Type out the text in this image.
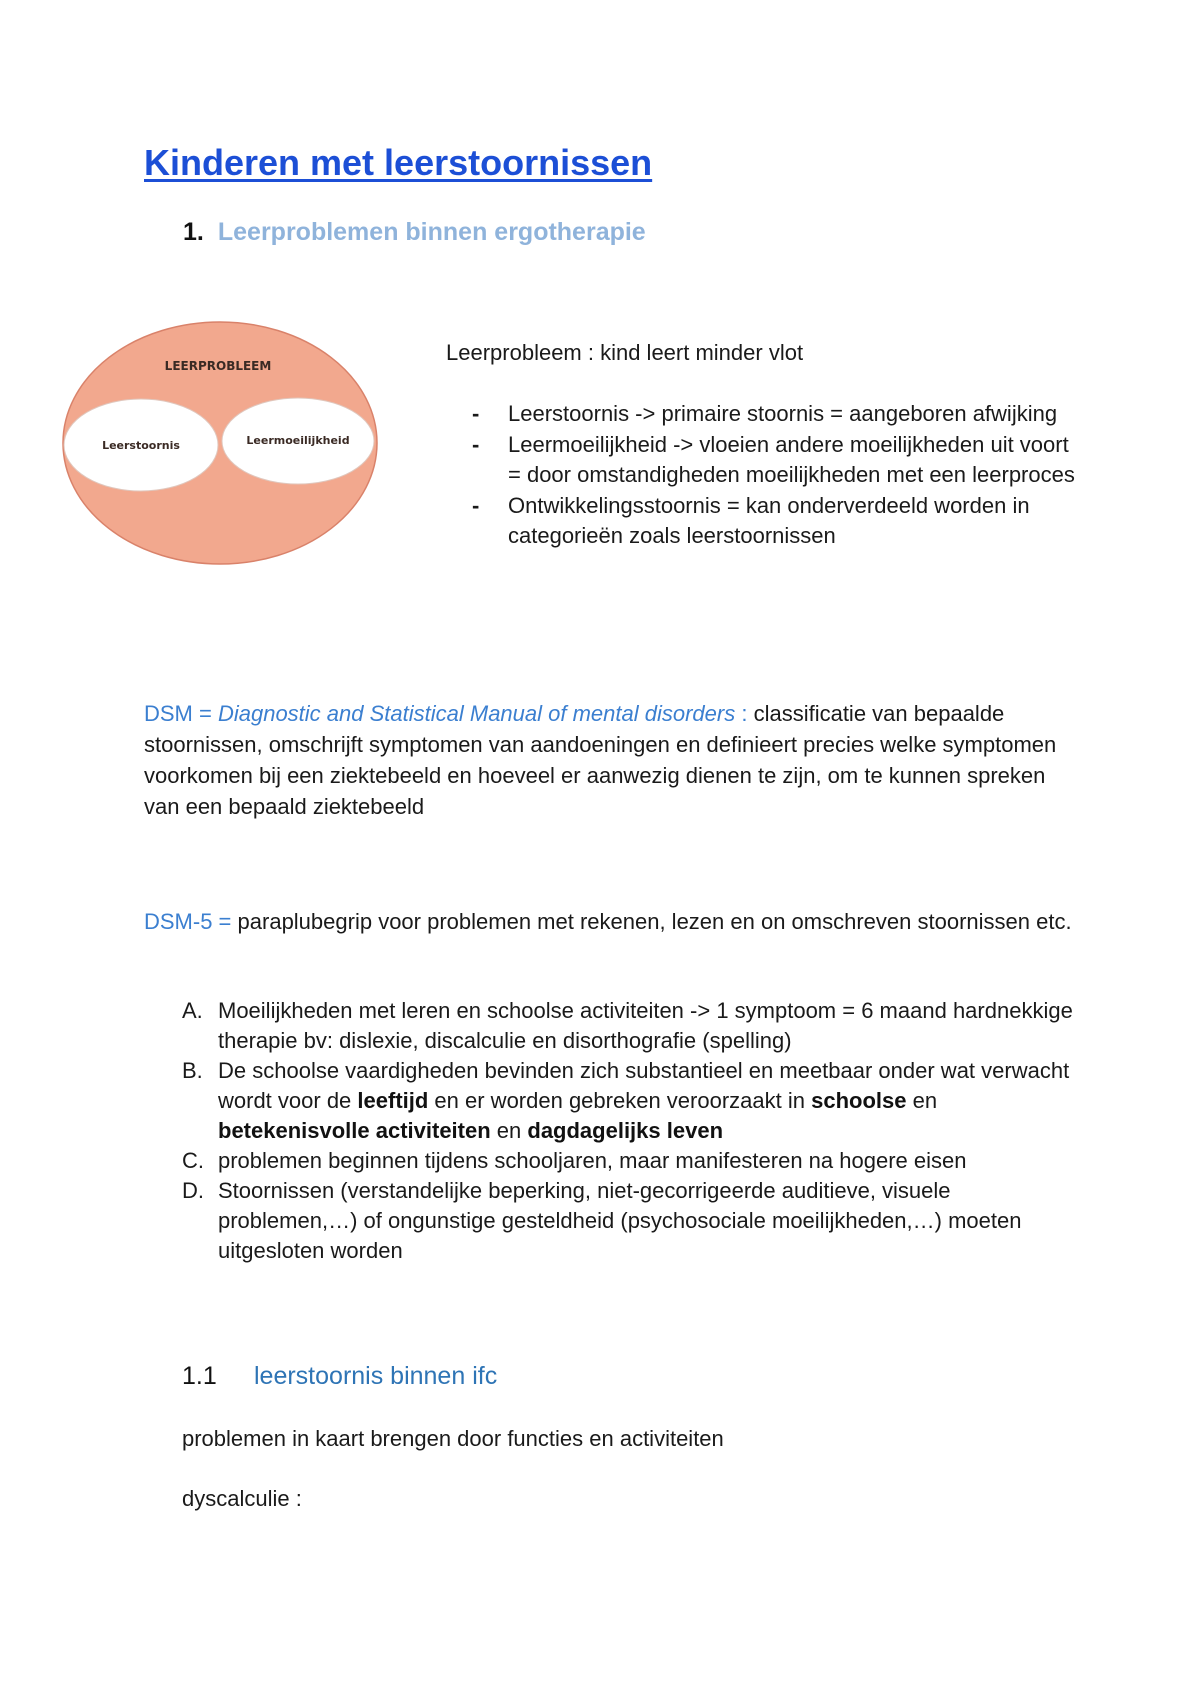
Kinderen met leerstoornissen
1. Leerproblemen binnen ergotherapie
LEERPROBLEEM
Leerstoornis	Leermoeilijkheid
Leerprobleem : kind leert minder vlot
- Leerstoornis -> primaire stoornis = aangeboren afwijking
- Leermoeilijkheid -> vloeien andere moeilijkheden uit voort = door omstandigheden moeilijkheden met een leerproces
- Ontwikkelingsstoornis = kan onderverdeeld worden in categorieën zoals leerstoornissen
DSM = Diagnostic and Statistical Manual of mental disorders : classificatie van bepaalde stoornissen, omschrijft symptomen van aandoeningen en definieert precies welke symptomen voorkomen bij een ziektebeeld en hoeveel er aanwezig dienen te zijn, om te kunnen spreken van een bepaald ziektebeeld
DSM-5 = paraplubegrip voor problemen met rekenen, lezen en on omschreven stoornissen etc.
A. Moeilijkheden met leren en schoolse activiteiten -> 1 symptoom = 6 maand hardnekkige therapie bv: dislexie, discalculie en disorthografie (spelling)
B. De schoolse vaardigheden bevinden zich substantieel en meetbaar onder wat verwacht wordt voor de leeftijd en er worden gebreken veroorzaakt in schoolse en betekenisvolle activiteiten en dagdagelijks leven
C. problemen beginnen tijdens schooljaren, maar manifesteren na hogere eisen
D. Stoornissen (verstandelijke beperking, niet-gecorrigeerde auditieve, visuele problemen,…) of ongunstige gesteldheid (psychosociale moeilijkheden,…) moeten uitgesloten worden
1.1 leerstoornis binnen ifc
problemen in kaart brengen door functies en activiteiten
dyscalculie :
